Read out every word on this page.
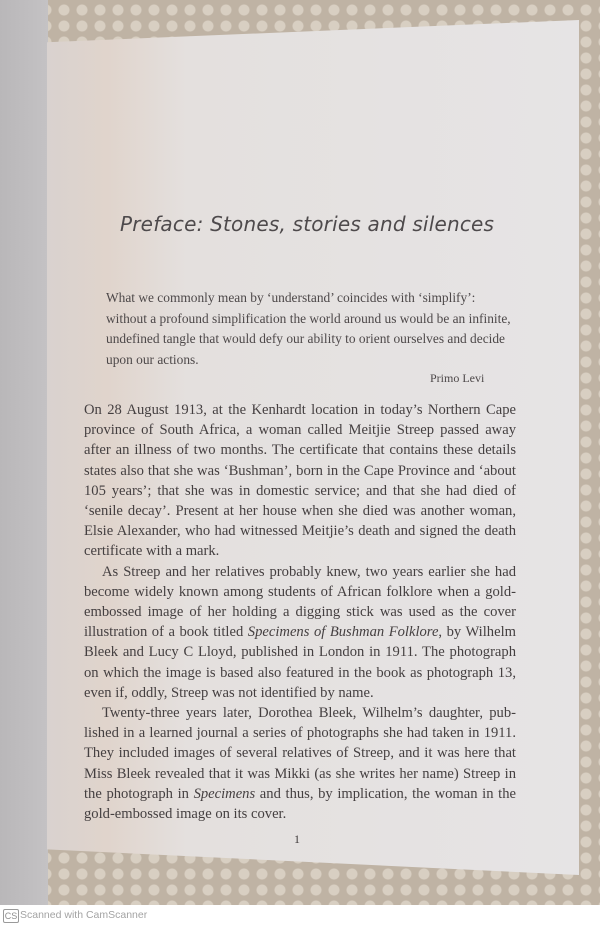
Preface: Stones, stories and silences
What we commonly mean by ‘understand’ coincides with ‘simplify’: without a profound simplification the world around us would be an infinite, undefined tangle that would defy our ability to orient ourselves and decide upon our actions.
Primo Levi

On 28 August 1913, at the Kenhardt location in today’s Northern Cape province of South Africa, a woman called Meitjie Streep passed away after an illness of two months. The certificate that contains these details states also that she was ‘Bushman’, born in the Cape Province and ‘about 105 years’; that she was in domestic service; and that she had died of ‘senile decay’. Present at her house when she died was another woman, Elsie Alexander, who had witnessed Meitjie’s death and signed the death certificate with a mark.

As Streep and her relatives probably knew, two years earlier she had become widely known among students of African folklore when a gold-embossed image of her holding a digging stick was used as the cover illustration of a book titled Specimens of Bushman Folklore, by Wilhelm Bleek and Lucy C Lloyd, published in London in 1911. The photograph on which the image is based also featured in the book as photograph 13, even if, oddly, Streep was not identified by name.

Twenty-three years later, Dorothea Bleek, Wilhelm’s daughter, published in a learned journal a series of photographs she had taken in 1911. They included images of several relatives of Streep, and it was here that Miss Bleek revealed that it was Mikki (as she writes her name) Streep in the photograph in Specimens and thus, by implication, the woman in the gold-embossed image on its cover.

1
CS Scanned with CamScanner
